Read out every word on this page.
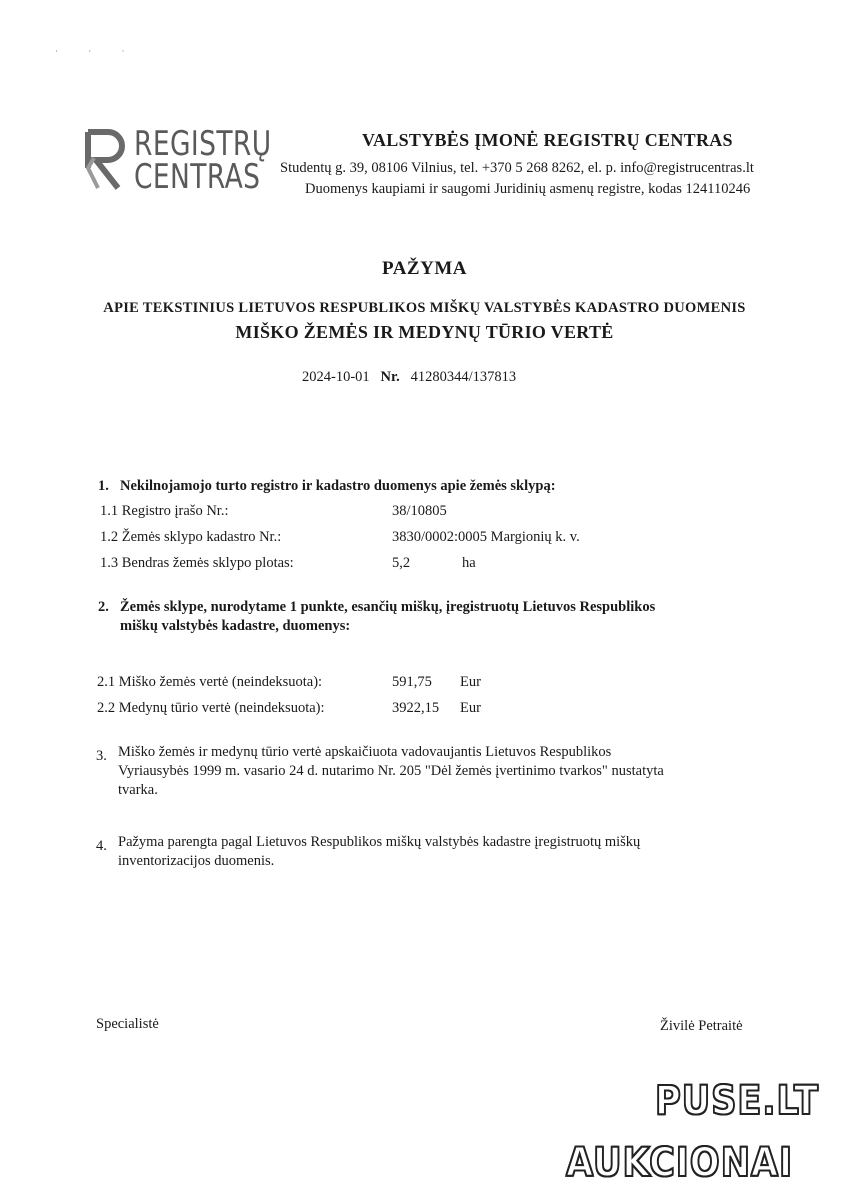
· · ·
REGISTRŲ
CENTRAS
VALSTYBĖS ĮMONĖ REGISTRŲ CENTRAS
Studentų g. 39, 08106 Vilnius, tel. +370 5 268 8262, el. p. info@registrucentras.lt
Duomenys kaupiami ir saugomi Juridinių asmenų registre, kodas 124110246
PAŽYMA
APIE TEKSTINIUS LIETUVOS RESPUBLIKOS MIŠKŲ VALSTYBĖS KADASTRO DUOMENIS
MIŠKO ŽEMĖS IR MEDYNŲ TŪRIO VERTĖ
2024-10-01 Nr. 41280344/137813
1. Nekilnojamojo turto registro ir kadastro duomenys apie žemės sklypą:
1.1 Registro įrašo Nr.:	38/10805
1.2 Žemės sklypo kadastro Nr.:	3830/0002:0005 Margionių k. v.
1.3 Bendras žemės sklypo plotas:	5,2	ha
2. Žemės sklype, nurodytame 1 punkte, esančių miškų, įregistruotų Lietuvos Respublikos
miškų valstybės kadastre, duomenys:
2.1 Miško žemės vertė (neindeksuota):	591,75 Eur
2.2 Medynų tūrio vertė (neindeksuota):	3922,15 Eur
3. Miško žemės ir medynų tūrio vertė apskaičiuota vadovaujantis Lietuvos Respublikos
Vyriausybės 1999 m. vasario 24 d. nutarimo Nr. 205 "Dėl žemės įvertinimo tvarkos" nustatyta
tvarka.
4. Pažyma parengta pagal Lietuvos Respublikos miškų valstybės kadastre įregistruotų miškų
inventorizacijos duomenis.
Specialistė	Živilė Petraitė
PUSE.LT
AUKCIONAI
